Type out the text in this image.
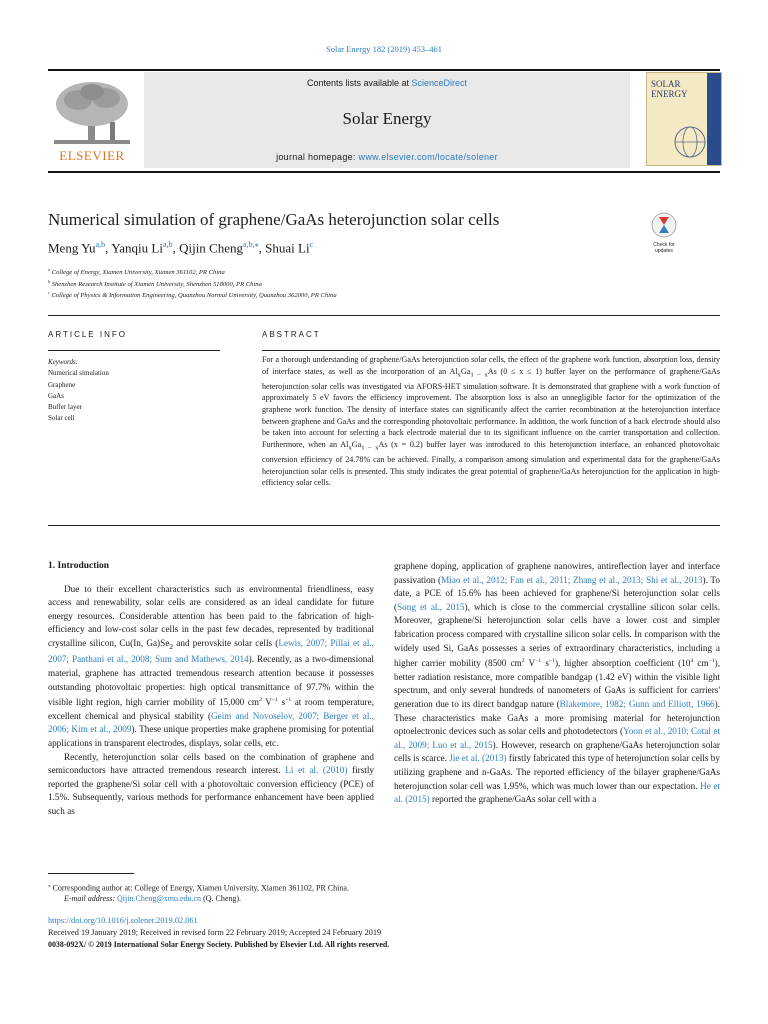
Solar Energy 182 (2019) 453–461
ELSEVIER
Contents lists available at ScienceDirect
Solar Energy
journal homepage: www.elsevier.com/locate/solener
SOLAR
ENERGY
Numerical simulation of graphene/GaAs heterojunction solar cells
Meng Yu$^{a,b}$, Yanqiu Li$^{a,b}$, Qijin Cheng$^{a,b,⁎}$, Shuai Li$^c$	Check for
updates
$^a$ College of Energy, Xiamen University, Xiamen 361102, PR China
$^b$ Shenzhen Research Institute of Xiamen University, Shenzhen 518000, PR China
$^c$ College of Physics & Information Engineering, Quanzhou Normal University, Quanzhou 362000, PR China
ARTICLE INFO	ABSTRACT
Keywords:
Numerical simulation
Graphene
GaAs
Buffer layer
Solar cell
For a thorough understanding of graphene/GaAs heterojunction solar cells, the effect of the graphene work function, absorption loss, density of interface states, as well as the incorporation of an $Al_xGa_{1 - x}As$ (0 ≤ x ≤ 1) buffer layer on the performance of graphene/GaAs heterojunction solar cells was investigated via AFORS-HET simulation software. It is demonstrated that graphene with a work function of approximately 5 eV favors the efficiency improvement. The absorption loss is also an unnegligible factor for the optimization of the graphene work function. The density of interface states can significantly affect the carrier recombination at the heterojunction interface between graphene and GaAs and the corresponding photovoltaic performance. In addition, the work function of a back electrode should also be taken into account for selecting a back electrode material due to its significant influence on the carrier transportation and collection. Furthermore, when an $Al_xGa_{1 - x}As$ (x = 0.2) buffer layer was introduced to this heterojunction interface, an enhanced photovoltaic conversion efficiency of 24.78% can be achieved. Finally, a comparison among simulation and experimental data for the graphene/GaAs heterojunction solar cells is presented. This study indicates the great potential of graphene/GaAs heterojunction for the application in high-efficiency solar cells.

1. Introduction

Due to their excellent characteristics such as environmental friendliness, easy access and renewability, solar cells are considered as an ideal candidate for future energy resources. Considerable attention has been paid to the fabrication of high-efficiency and low-cost solar cells in the past few decades, represented by traditional crystalline silicon, Cu(In, $Ga)Se_2$ and perovskite solar cells (Lewis, 2007; Pillai et al., 2007; Panthani et al., 2008; Sum and Mathews, 2014). Recently, as a two-dimensional material, graphene has attracted tremendous research attention because it possesses outstanding photovoltaic properties: high optical transmittance of 97.7% within the visible light region, high carrier mobility of 15,000 $cm^2$ $V^{-1}$ $s^{-1}$ at room temperature, excellent chemical and physical stability (Geim and Novoselov, 2007; Berger et al., 2006; Kim et al., 2009). These unique properties make graphene promising for potential applications in transparent electrodes, displays, solar cells, etc.

Recently, heterojunction solar cells based on the combination of graphene and semiconductors have attracted tremendous research interest. Li et al. (2010) firstly reported the graphene/Si solar cell with a photovoltaic conversion efficiency (PCE) of 1.5%. Subsequently, various methods for performance enhancement have been applied such as

graphene doping, application of graphene nanowires, antireflection layer and interface passivation (Miao et al., 2012; Fan et al., 2011; Zhang et al., 2013; Shi et al., 2013). To date, a PCE of 15.6% has been achieved for graphene/Si heterojunction solar cells (Song et al., 2015), which is close to the commercial crystalline silicon solar cells. Moreover, graphene/Si heterojunction solar cells have a lower cost and simpler fabrication process compared with crystalline silicon solar cells. In comparison with the widely used Si, GaAs possesses a series of extraordinary characteristics, including a higher carrier mobility (8500 $cm^2$ $V^{-1}$ $s^{-1}$), higher absorption coefficient ($10^4$ $cm^{-1}$), better radiation resistance, more compatible bandgap (1.42 eV) within the visible light spectrum, and only several hundreds of nanometers of GaAs is sufficient for carriers' generation due to its direct bandgap nature (Blakemore, 1982; Gunn and Elliott, 1966). These characteristics make GaAs a more promising material for heterojunction optoelectronic devices such as solar cells and photodetectors (Yoon et al., 2010; Cotal et al., 2009; Luo et al., 2015). However, research on graphene/GaAs heterojunction solar cells is scarce. Jie et al. (2013) firstly fabricated this type of heterojunction solar cells by utilizing graphene and n-GaAs. The reported efficiency of the bilayer graphene/GaAs heterojunction solar cell was 1.95%, which was much lower than our expectation. He et al. (2015) reported the graphene/GaAs solar cell with a

⁎ Corresponding author at: College of Energy, Xiamen University, Xiamen 361102, PR China.
E-mail address: Qijin.Cheng@xmu.edu.cn (Q. Cheng).
https://doi.org/10.1016/j.solener.2019.02.061
Received 19 January 2019; Received in revised form 22 February 2019; Accepted 24 February 2019
0038-092X/ © 2019 International Solar Energy Society. Published by Elsevier Ltd. All rights reserved.
